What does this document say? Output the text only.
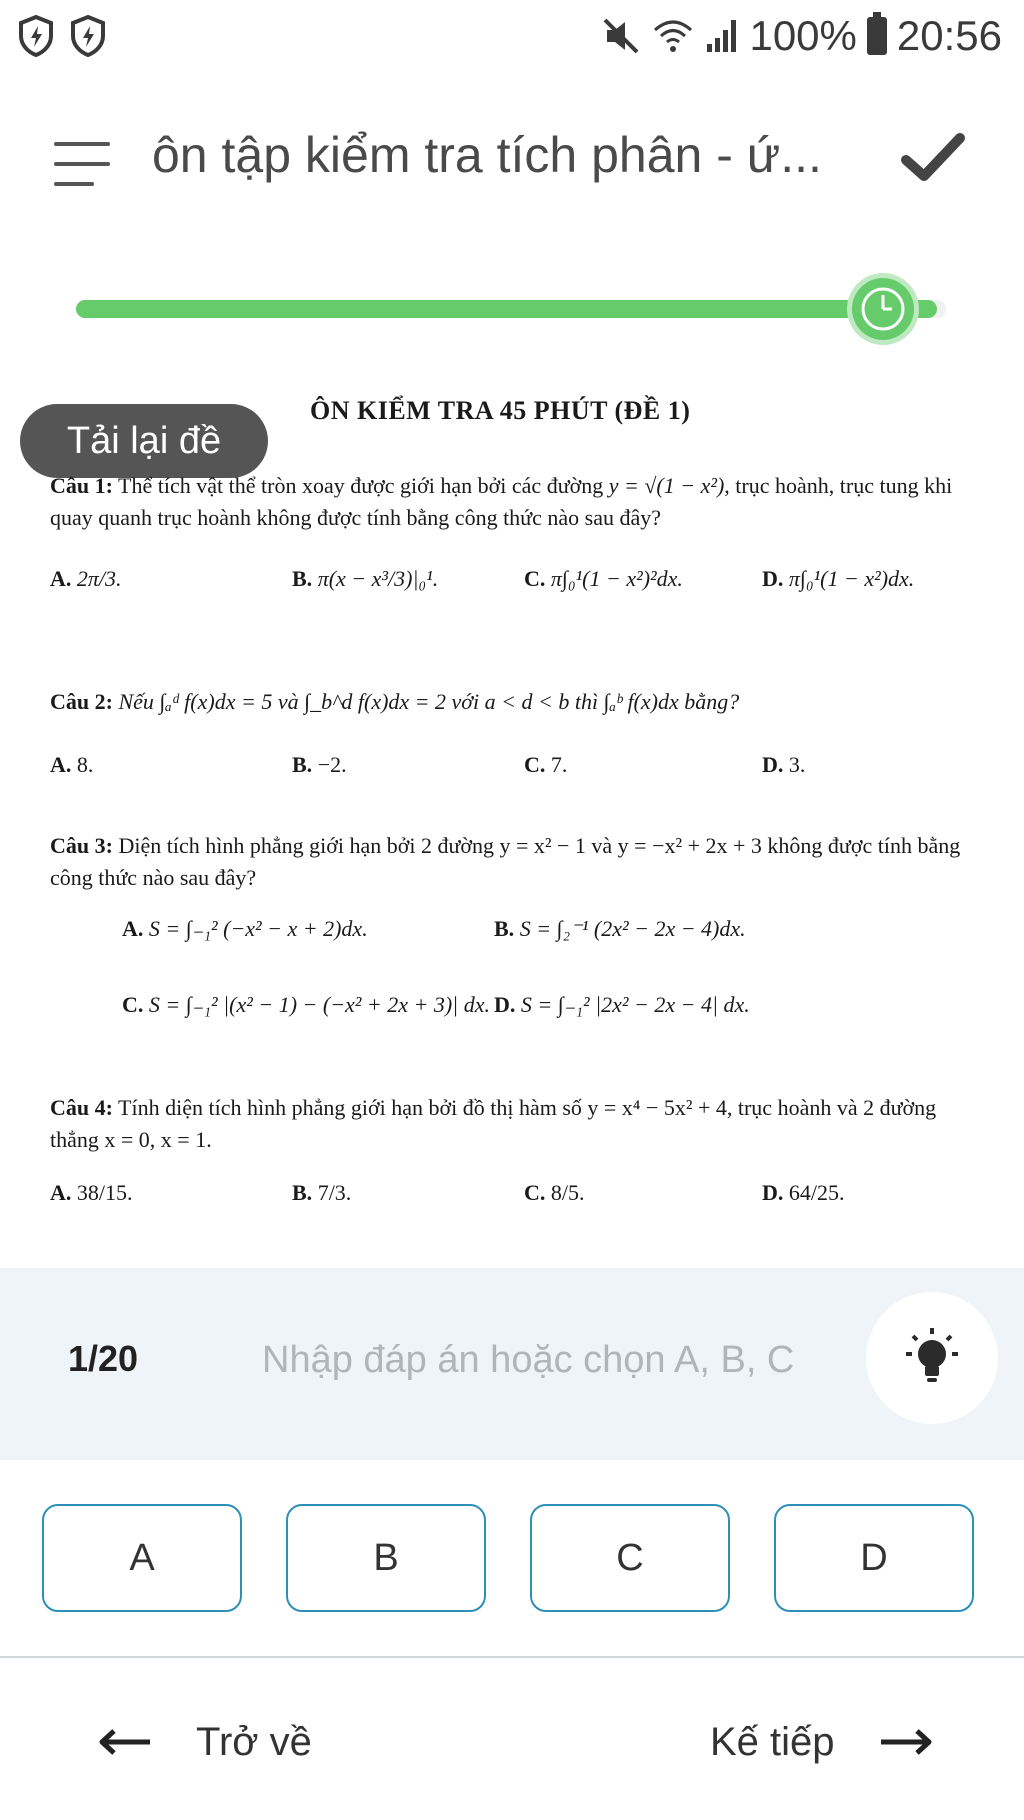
100% 20:56
ôn tập kiểm tra tích phân - ứ...
ÔN KIỂM TRA 45 PHÚT (ĐỀ 1)
Tải lại đề
Câu 1: Thể tích vật thể tròn xoay được giới hạn bởi các đường y = √(1 − x²), trục hoành, trục tung khi quay quanh trục hoành không được tính bằng công thức nào sau đây?
A. 2π/3.	B. π(x − x³/3)|₀¹.	C. π∫₀¹(1 − x²)²dx.	D. π∫₀¹(1 − x²)dx.
Câu 2: Nếu ∫ₐᵈ f(x)dx = 5 và ∫_b^d f(x)dx = 2 với a < d < b thì ∫ₐᵇ f(x)dx bằng?
A. 8.	B. −2.	C. 7.	D. 3.
Câu 3: Diện tích hình phẳng giới hạn bởi 2 đường y = x² − 1 và y = −x² + 2x + 3 không được tính bằng công thức nào sau đây?
A. S = ∫₋₁² (−x² − x + 2)dx.	B. S = ∫₂⁻¹ (2x² − 2x − 4)dx.
C. S = ∫₋₁² |(x² − 1) − (−x² + 2x + 3)| dx. D. S = ∫₋₁² |2x² − 2x − 4| dx.
Câu 4: Tính diện tích hình phẳng giới hạn bởi đồ thị hàm số y = x⁴ − 5x² + 4, trục hoành và 2 đường thẳng x = 0, x = 1.
A. 38/15.	B. 7/3.	C. 8/5.	D. 64/25.
1/20
Nhập đáp án hoặc chọn A, B, C
A	B	C	D
Trở về	Kế tiếp
